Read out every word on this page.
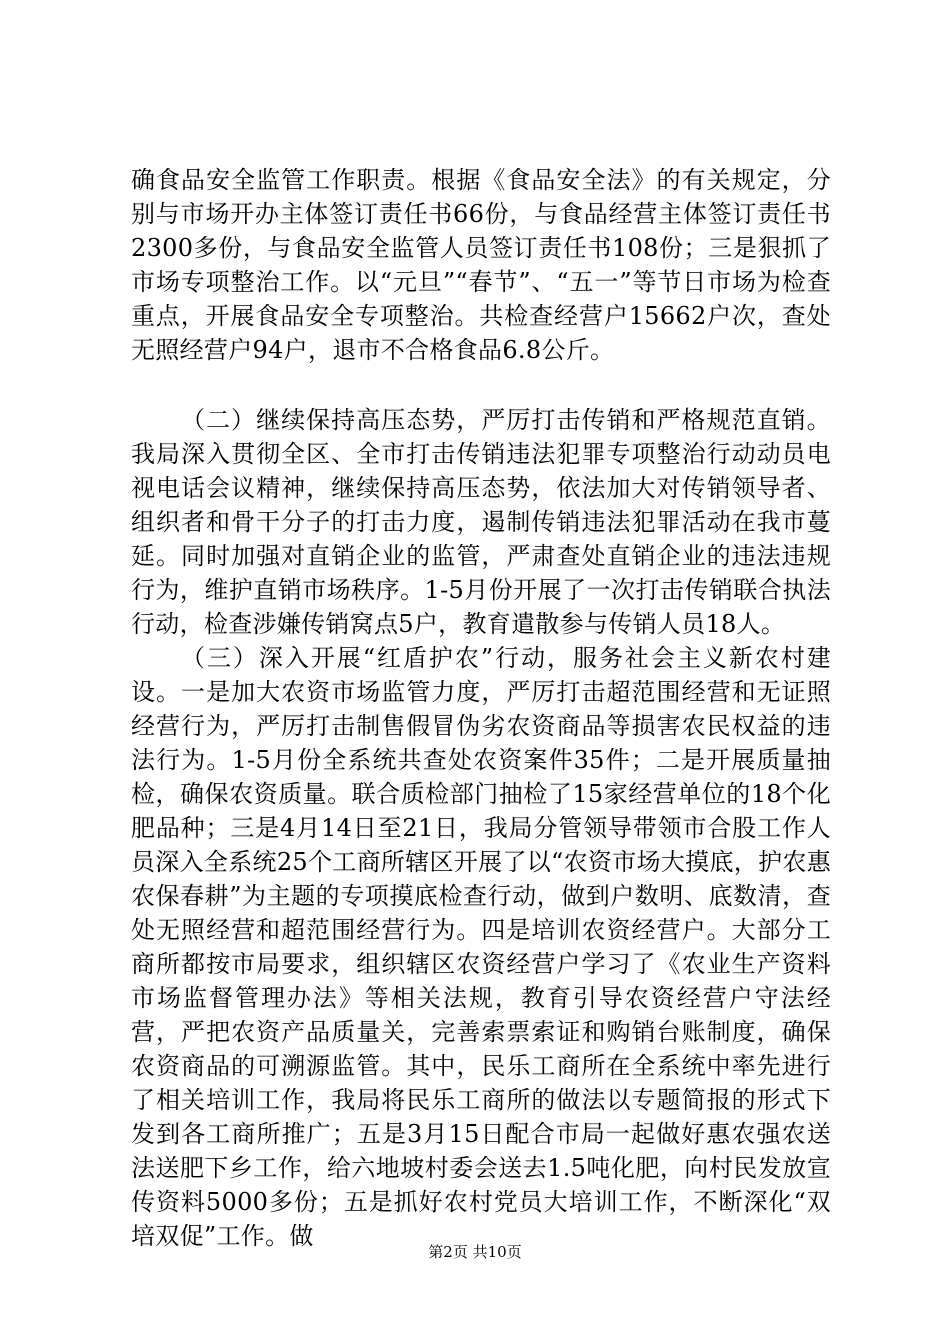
确食品安全监管工作职责。根据《食品安全法》的有关规定，分别与市场开办主体签订责任书66份，与食品经营主体签订责任书2300多份，与食品安全监管人员签订责任书108份；三是狠抓了市场专项整治工作。以“元旦”“春节”、“五一”等节日市场为检查重点，开展食品安全专项整治。共检查经营户15662户次，查处无照经营户94户，退市不合格食品6.8公斤。

（二）继续保持高压态势，严厉打击传销和严格规范直销。我局深入贯彻全区、全市打击传销违法犯罪专项整治行动动员电视电话会议精神，继续保持高压态势，依法加大对传销领导者、组织者和骨干分子的打击力度，遏制传销违法犯罪活动在我市蔓延。同时加强对直销企业的监管，严肃查处直销企业的违法违规行为，维护直销市场秩序。1-5月份开展了一次打击传销联合执法行动，检查涉嫌传销窝点5户，教育遣散参与传销人员18人。

（三）深入开展“红盾护农”行动，服务社会主义新农村建设。一是加大农资市场监管力度，严厉打击超范围经营和无证照经营行为，严厉打击制售假冒伪劣农资商品等损害农民权益的违法行为。1-5月份全系统共查处农资案件35件；二是开展质量抽检，确保农资质量。联合质检部门抽检了15家经营单位的18个化肥品种；三是4月14日至21日，我局分管领导带领市合股工作人员深入全系统25个工商所辖区开展了以“农资市场大摸底，护农惠农保春耕”为主题的专项摸底检查行动，做到户数明、底数清，查处无照经营和超范围经营行为。四是培训农资经营户。大部分工商所都按市局要求，组织辖区农资经营户学习了《农业生产资料市场监督管理办法》等相关法规，教育引导农资经营户守法经营，严把农资产品质量关，完善索票索证和购销台账制度，确保农资商品的可溯源监管。其中，民乐工商所在全系统中率先进行了相关培训工作，我局将民乐工商所的做法以专题简报的形式下发到各工商所推广；五是3月15日配合市局一起做好惠农强农送法送肥下乡工作，给六地坡村委会送去1.5吨化肥，向村民发放宣传资料5000多份；五是抓好农村党员大培训工作，不断深化“双培双促”工作。做

第2页 共10页
